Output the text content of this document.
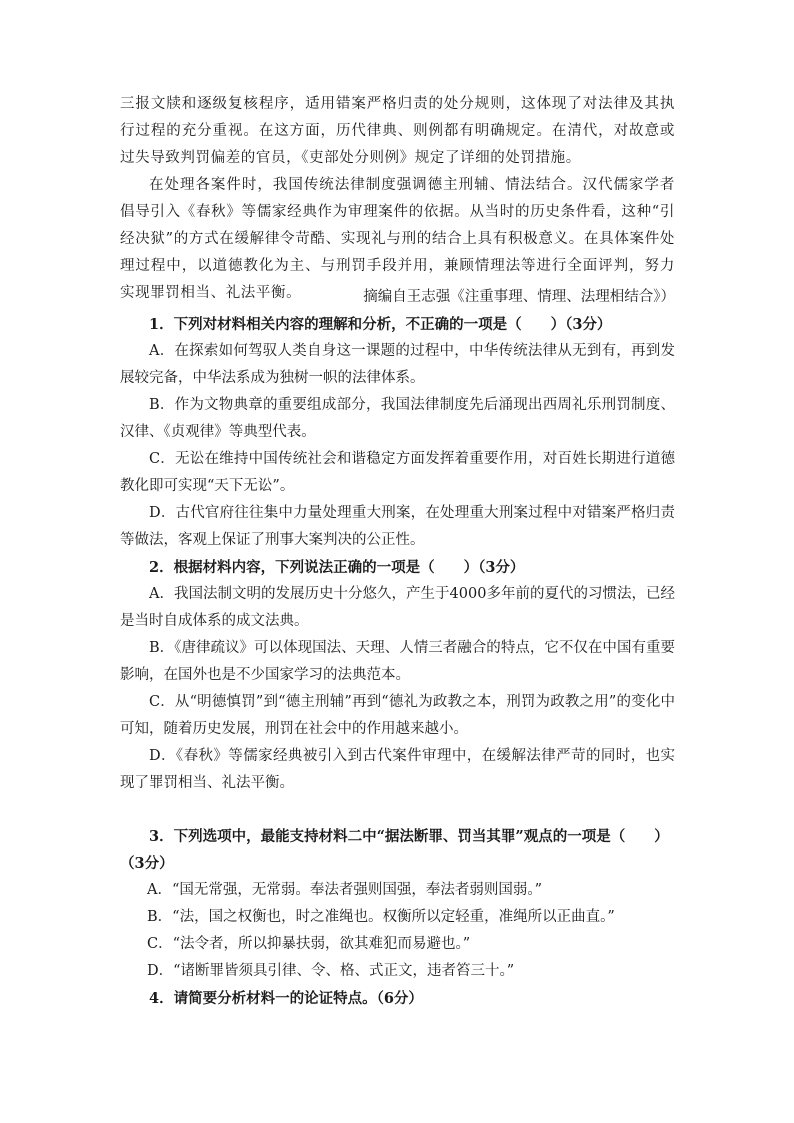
三报文牍和逐级复核程序，适用错案严格归责的处分规则，这体现了对法律及其执行过程的充分重视。在这方面，历代律典、则例都有明确规定。在清代，对故意或过失导致判罚偏差的官员，《吏部处分则例》规定了详细的处罚措施。

在处理各案件时，我国传统法律制度强调德主刑辅、情法结合。汉代儒家学者倡导引入《春秋》等儒家经典作为审理案件的依据。从当时的历史条件看，这种“引经决狱”的方式在缓解律令苛酷、实现礼与刑的结合上具有积极意义。在具体案件处理过程中，以道德教化为主、与刑罚手段并用，兼顾情理法等进行全面评判，努力实现罪罚相当、礼法平衡。	摘编自王志强《注重事理、情理、法理相结合》）

1．下列对材料相关内容的理解和分析，不正确的一项是（　　）（3分）

A．在探索如何驾驭人类自身这一课题的过程中，中华传统法律从无到有，再到发展较完备，中华法系成为独树一帜的法律体系。

B．作为文物典章的重要组成部分，我国法律制度先后涌现出西周礼乐刑罚制度、汉律、《贞观律》等典型代表。

C．无讼在维持中国传统社会和谐稳定方面发挥着重要作用，对百姓长期进行道德教化即可实现“天下无讼”。

D．古代官府往往集中力量处理重大刑案，在处理重大刑案过程中对错案严格归责等做法，客观上保证了刑事大案判决的公正性。

2．根据材料内容，下列说法正确的一项是（　　）（3分）

A．我国法制文明的发展历史十分悠久，产生于4000多年前的夏代的习惯法，已经是当时自成体系的成文法典。

B．《唐律疏议》可以体现国法、天理、人情三者融合的特点，它不仅在中国有重要影响，在国外也是不少国家学习的法典范本。

C．从“明德慎罚”到“德主刑辅”再到“德礼为政教之本，刑罚为政教之用”的变化中可知，随着历史发展，刑罚在社会中的作用越来越小。

D．《春秋》等儒家经典被引入到古代案件审理中，在缓解法律严苛的同时，也实现了罪罚相当、礼法平衡。

3．下列选项中，最能支持材料二中“据法断罪、罚当其罪”观点的一项是（　　）（3分）

A．“国无常强，无常弱。奉法者强则国强，奉法者弱则国弱。”

B．“法，国之权衡也，时之准绳也。权衡所以定轻重，准绳所以正曲直。”

C．“法令者，所以抑暴扶弱，欲其难犯而易避也。”

D．“诸断罪皆须具引律、令、格、式正文，违者笞三十。”

4．请简要分析材料一的论证特点。（6分）
